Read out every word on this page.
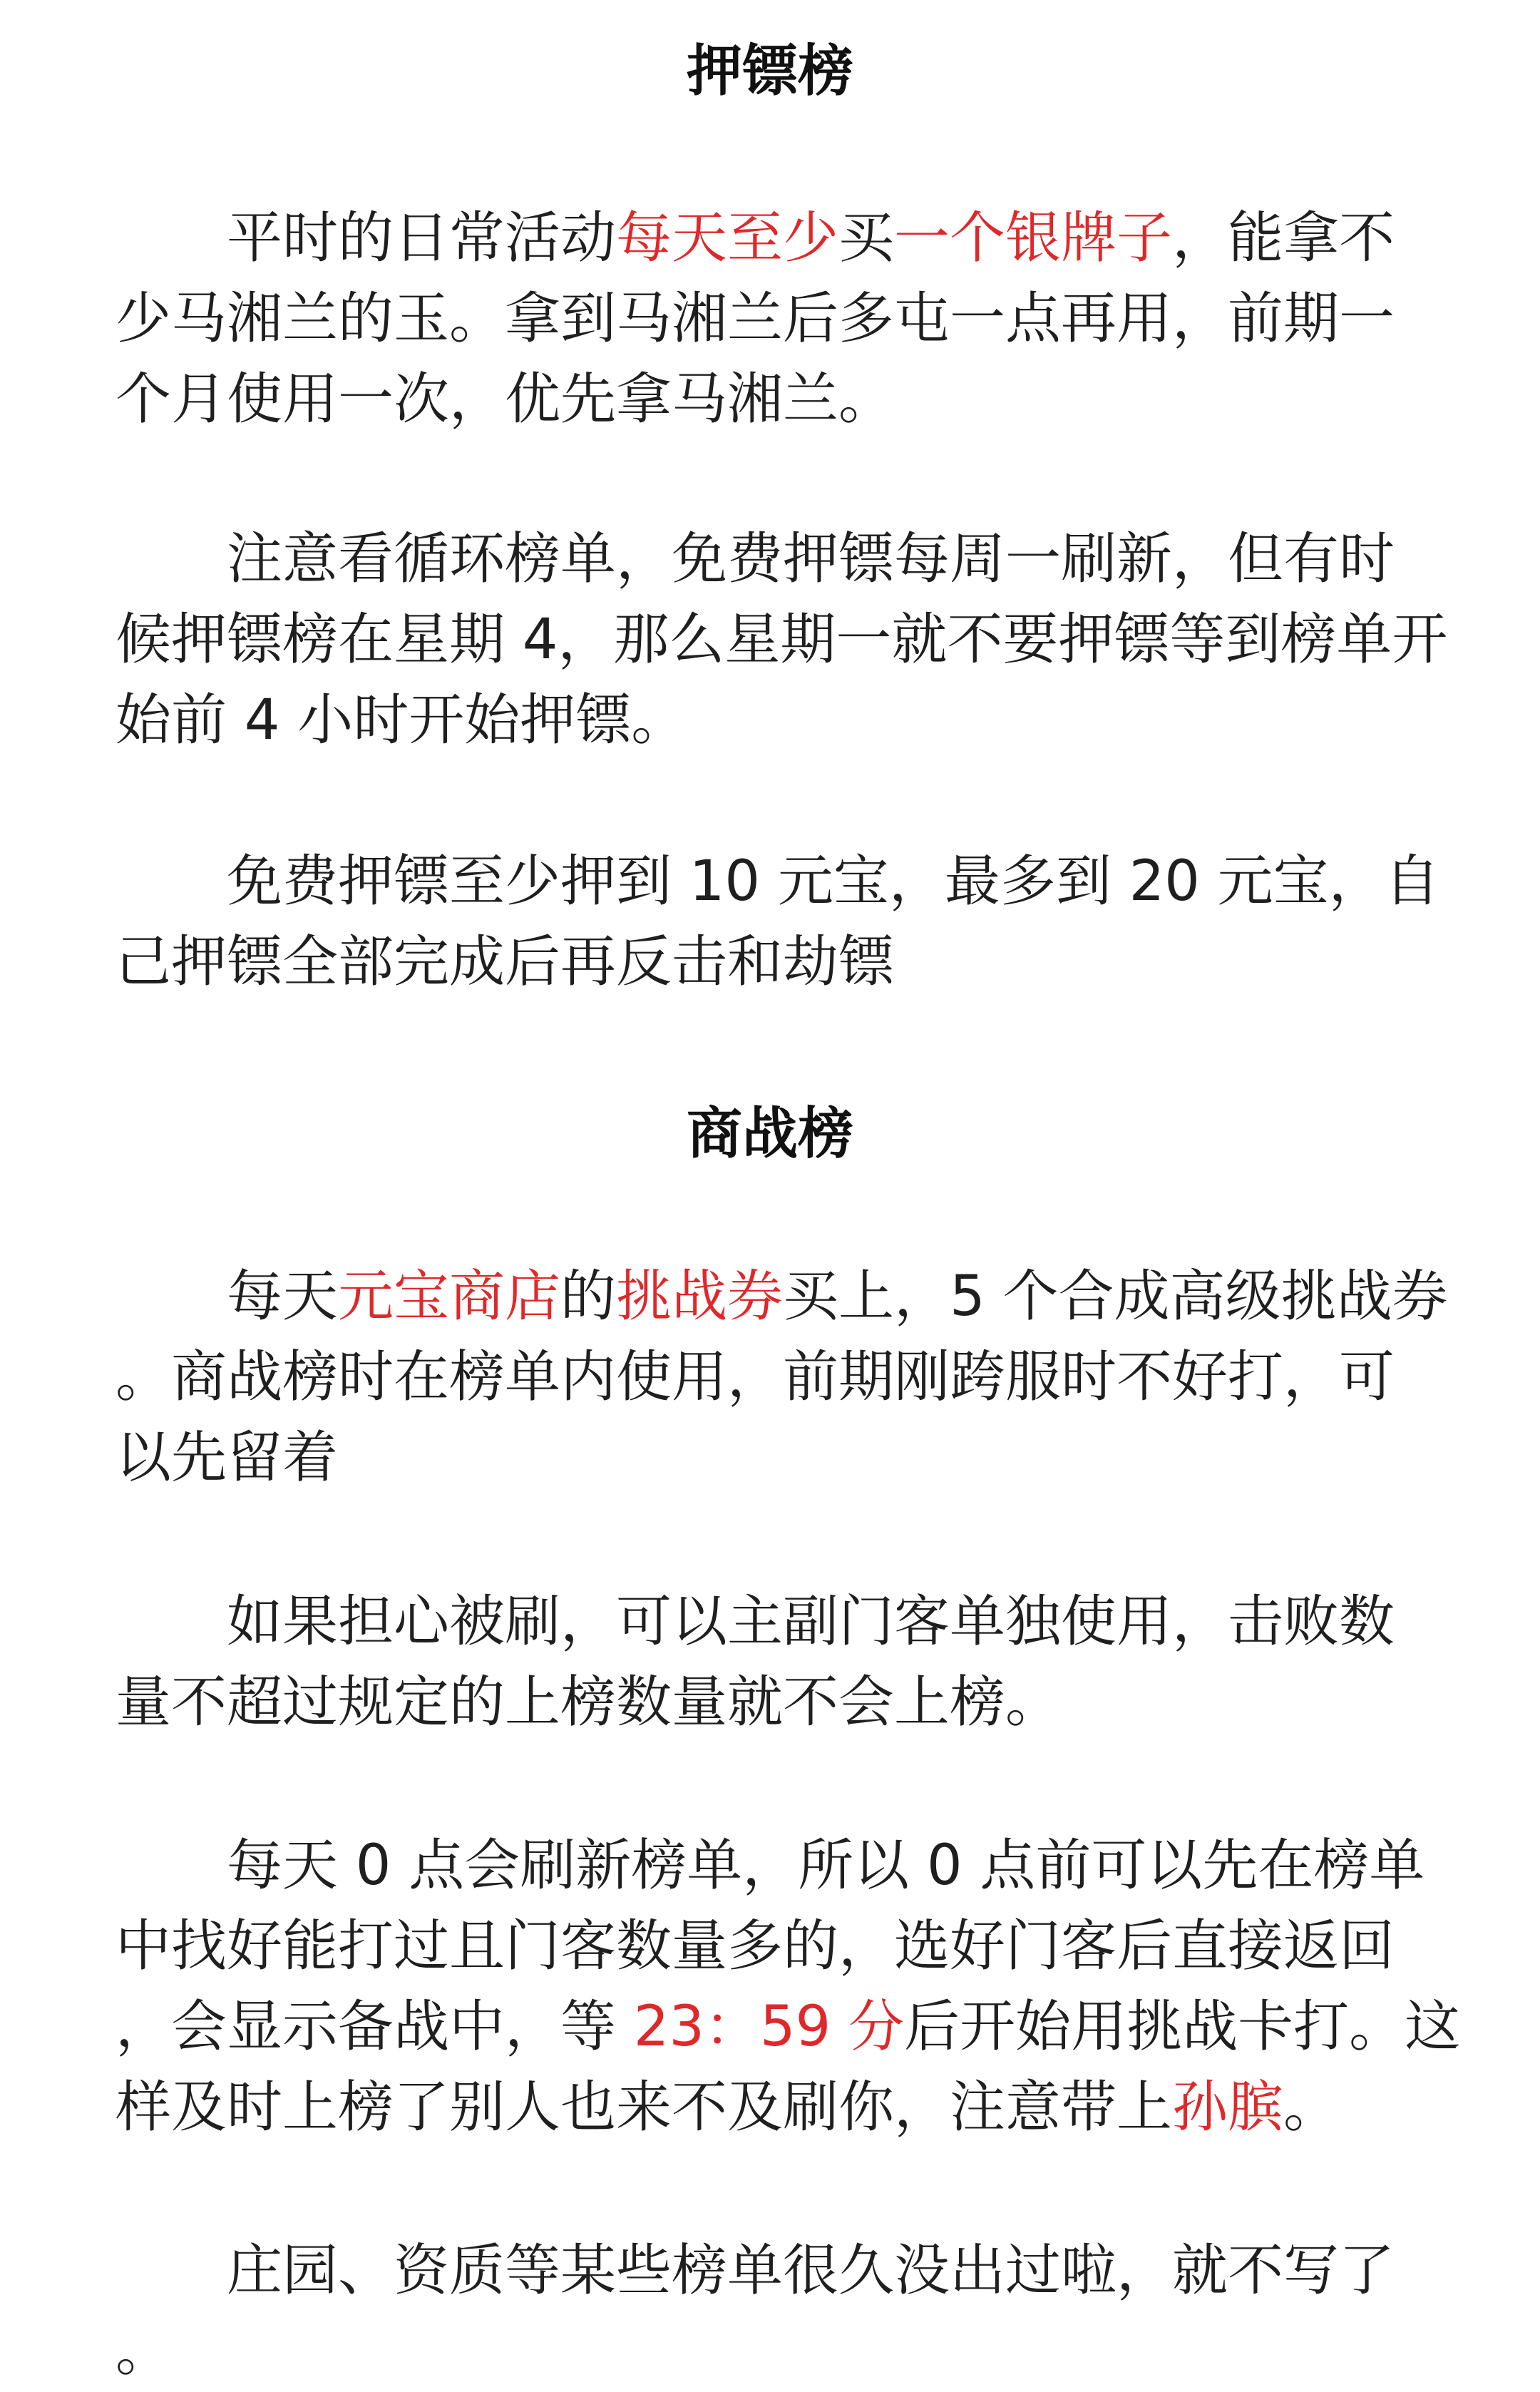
押镖榜

平时的日常活动每天至少买一个银牌子，能拿不
少马湘兰的玉。拿到马湘兰后多屯一点再用，前期一
个月使用一次，优先拿马湘兰。

注意看循环榜单，免费押镖每周一刷新，但有时
候押镖榜在星期 4，那么星期一就不要押镖等到榜单开
始前 4 小时开始押镖。

免费押镖至少押到 10 元宝，最多到 20 元宝，自
己押镖全部完成后再反击和劫镖

商战榜

每天元宝商店的挑战券买上，5 个合成高级挑战券
。商战榜时在榜单内使用，前期刚跨服时不好打，可
以先留着

如果担心被刷，可以主副门客单独使用，击败数
量不超过规定的上榜数量就不会上榜。

每天 0 点会刷新榜单，所以 0 点前可以先在榜单
中找好能打过且门客数量多的，选好门客后直接返回
，会显示备战中，等 23：59 分后开始用挑战卡打。这
样及时上榜了别人也来不及刷你，注意带上孙膑。

庄园、资质等某些榜单很久没出过啦，就不写了
。
